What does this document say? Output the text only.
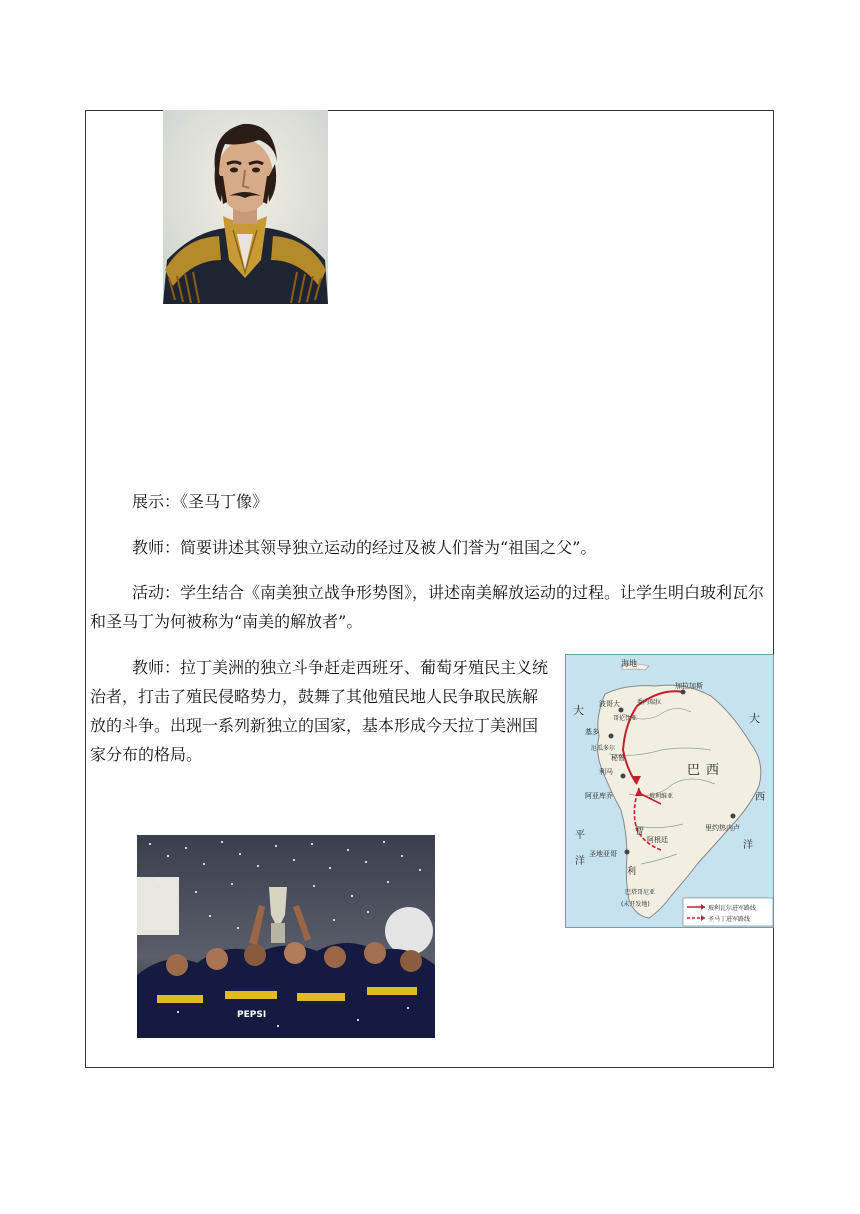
展示：《圣马丁像》

教师：简要讲述其领导独立运动的经过及被人们誉为“祖国之父”。

活动：学生结合《南美独立战争形势图》，讲述南美解放运动的过程。让学生明白玻利瓦尔和圣马丁为何被称为“南美的解放者”。

教师：拉丁美洲的独立斗争赶走西班牙、葡萄牙殖民主义统治者，打击了殖民侵略势力，鼓舞了其他殖民地人民争取民族解放的斗争。出现一系列新独立的国家，基本形成今天拉丁美洲国家分布的格局。

海地
加拉加斯
波哥大	委内瑞拉
哥伦比亚
基多
厄瓜多尔
利马
秘鲁
玻利维亚
巴西
里约热内卢
阿亚库乔
阿根廷
圣地亚哥
智
利
巴塔哥尼亚
(未开发地)
大
大
西
洋
平
洋
玻利瓦尔进军路线
圣马丁进军路线
PEPSI
